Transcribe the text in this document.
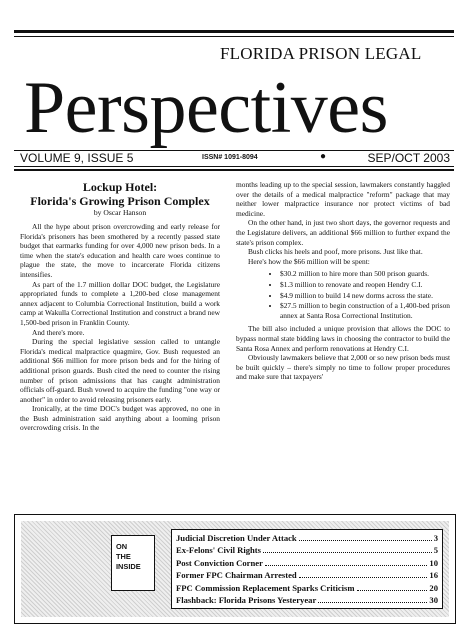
FLORIDA PRISON LEGAL
Perspectives
VOLUME 9, ISSUE 5	ISSN# 1091-8094	●	SEP/OCT 2003
Lockup Hotel:
Florida's Growing Prison Complex
by Oscar Hanson

All the hype about prison overcrowding and early release for Florida's prisoners has been smothered by a recently passed state budget that earmarks funding for over 4,000 new prison beds. In a time when the state's education and health care woes continue to plague the state, the move to incarcerate Florida citizens intensifies.

As part of the 1.7 million dollar DOC budget, the Legislature appropriated funds to complete a 1,200-bed close management annex adjacent to Columbia Correctional Institution, build a work camp at Wakulla Correctional Institution and construct a brand new 1,500-bed prison in Franklin County.

And there's more.

During the special legislative session called to untangle Florida's medical malpractice quagmire, Gov. Bush requested an additional $66 million for more prison beds and for the hiring of additional prison guards. Bush cited the need to counter the rising number of prison admissions that has caught administration officials off-guard. Bush vowed to acquire the funding "one way or another" in order to avoid releasing prisoners early.

Ironically, at the time DOC's budget was approved, no one in the Bush administration said anything about a looming prison overcrowding crisis. In the

months leading up to the special session, lawmakers constantly haggled over the details of a medical malpractice "reform" package that may neither lower malpractice insurance nor protect victims of bad medicine.

On the other hand, in just two short days, the governor requests and the Legislature delivers, an additional $66 million to further expand the state's prison complex.

Bush clicks his heels and poof, more prisons. Just like that.

Here's how the $66 million will be spent:

• $30.2 million to hire more than 500 prison guards.
• $1.3 million to renovate and reopen Hendry C.I.
• $4.9 million to build 14 new dorms across the state.
• $27.5 million to begin construction of a 1,400-bed prison annex at Santa Rosa Correctional Institution.

The bill also included a unique provision that allows the DOC to bypass normal state bidding laws in choosing the contractor to build the Santa Rosa Annex and perform renovations at Hendry C.I.

Obviously lawmakers believe that 2,000 or so new prison beds must be built quickly – there's simply no time to follow proper procedures and make sure that taxpayers'

ON
THE
INSIDE
Judicial Discretion Under Attack	3
Ex-Felons' Civil Rights	5
Post Conviction Corner	10
Former FPC Chairman Arrested	16
FPC Commission Replacement Sparks Criticism	20
Flashback: Florida Prisons Yesteryear	30
